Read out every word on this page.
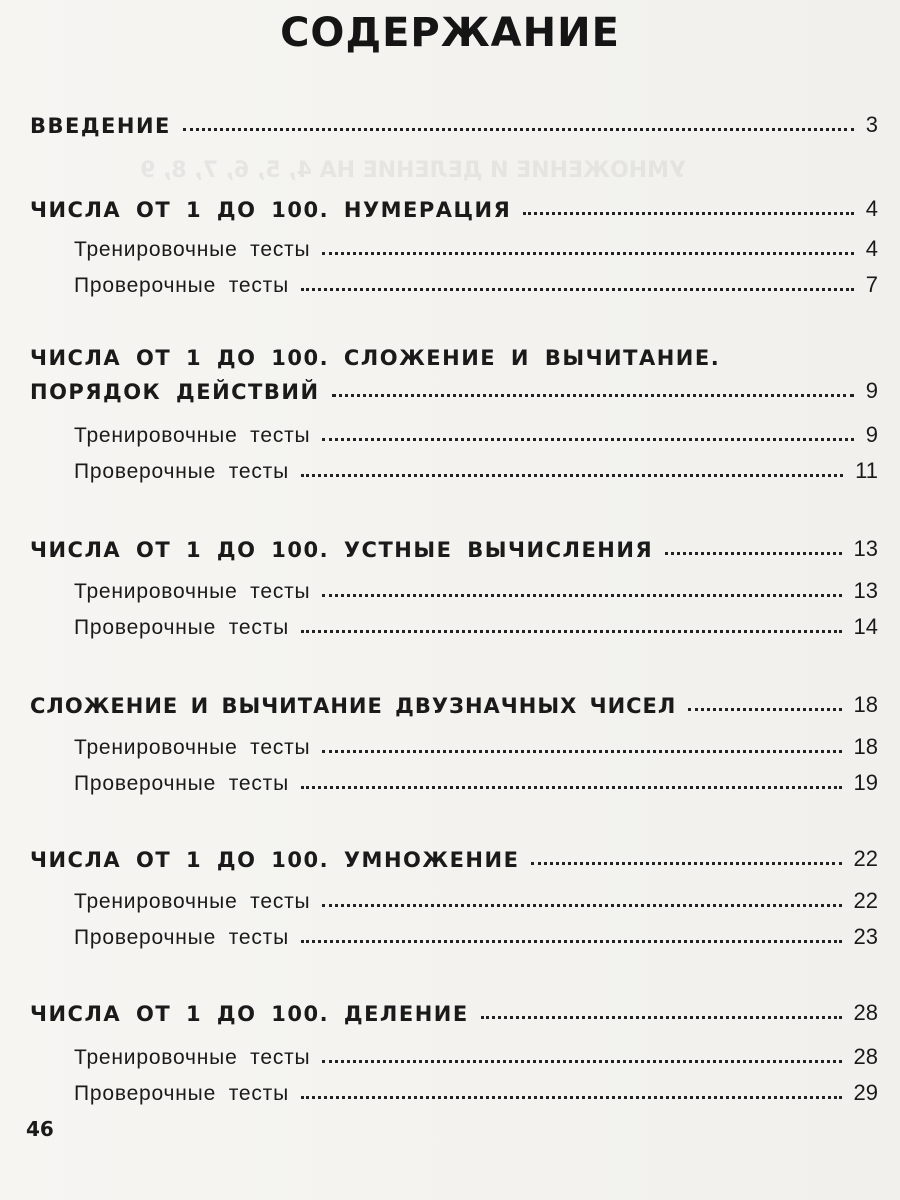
УМНОЖЕНИЕ И ДЕЛЕНИЕ НА 4, 5, 6, 7, 8, 9
СОДЕРЖАНИЕ
ВВЕДЕНИЕ	3
ЧИСЛА ОТ 1 ДО 100. НУМЕРАЦИЯ	4
Тренировочные тесты	4
Проверочные тесты	7
ЧИСЛА ОТ 1 ДО 100. СЛОЖЕНИЕ И ВЫЧИТАНИЕ.
ПОРЯДОК ДЕЙСТВИЙ	9
Тренировочные тесты	9
Проверочные тесты	11
ЧИСЛА ОТ 1 ДО 100. УСТНЫЕ ВЫЧИСЛЕНИЯ	13
Тренировочные тесты	13
Проверочные тесты	14
СЛОЖЕНИЕ И ВЫЧИТАНИЕ ДВУЗНАЧНЫХ ЧИСЕЛ	18
Тренировочные тесты	18
Проверочные тесты	19
ЧИСЛА ОТ 1 ДО 100. УМНОЖЕНИЕ	22
Тренировочные тесты	22
Проверочные тесты	23
ЧИСЛА ОТ 1 ДО 100. ДЕЛЕНИЕ	28
Тренировочные тесты	28
Проверочные тесты	29
46
